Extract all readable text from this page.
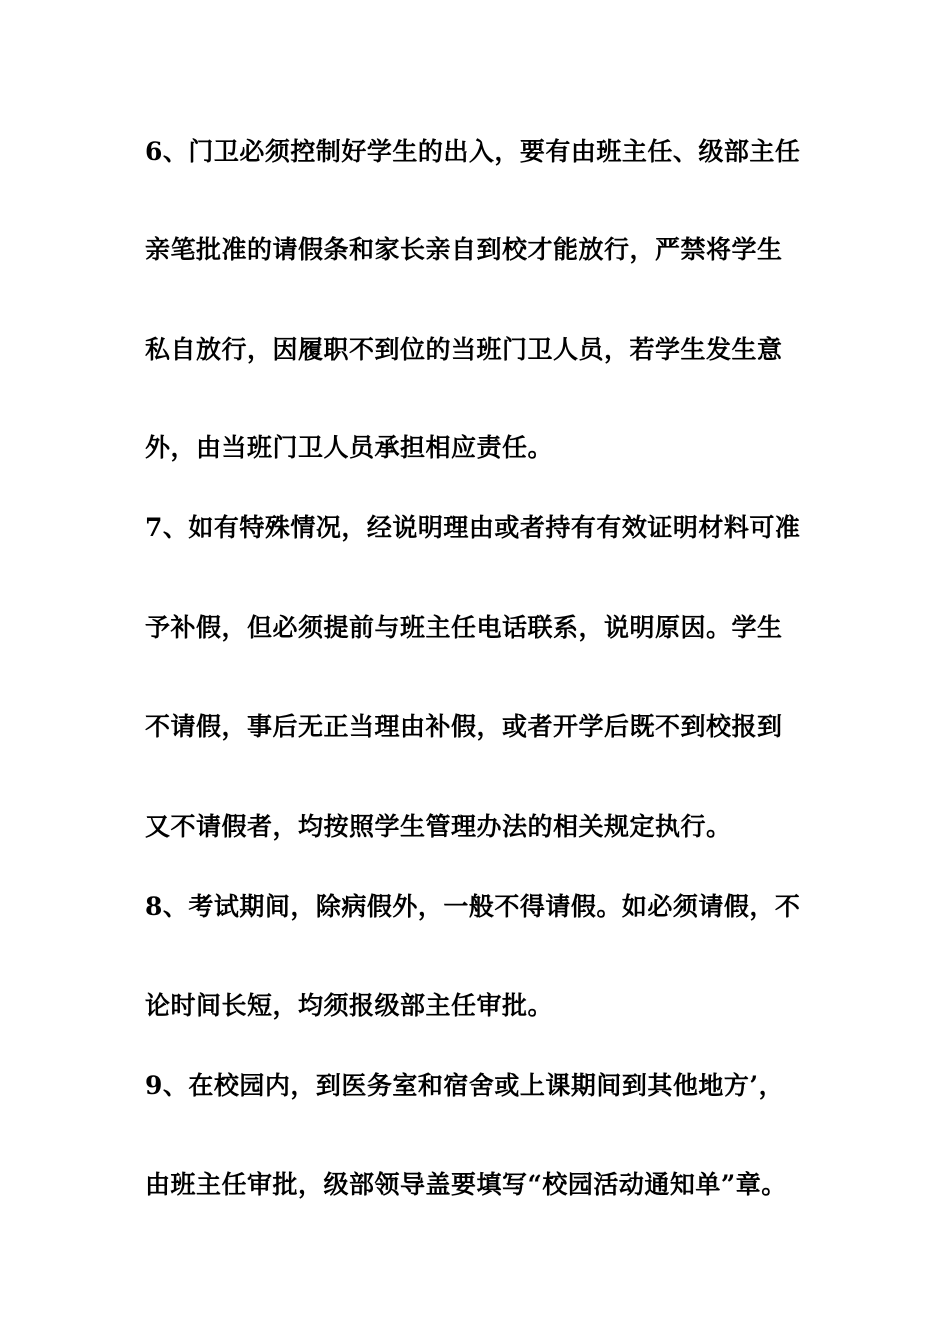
6、门卫必须控制好学生的出入，要有由班主任、级部主任
亲笔批准的请假条和家长亲自到校才能放行，严禁将学生
私自放行，因履职不到位的当班门卫人员，若学生发生意
外，由当班门卫人员承担相应责任。
7、如有特殊情况，经说明理由或者持有有效证明材料可准
予补假，但必须提前与班主任电话联系，说明原因。学生
不请假，事后无正当理由补假，或者开学后既不到校报到
又不请假者，均按照学生管理办法的相关规定执行。
8、考试期间，除病假外，一般不得请假。如必须请假，不
论时间长短，均须报级部主任审批。
9、在校园内，到医务室和宿舍或上课期间到其他地方’，
由班主任审批，级部领导盖要填写“校园活动通知单”章。
